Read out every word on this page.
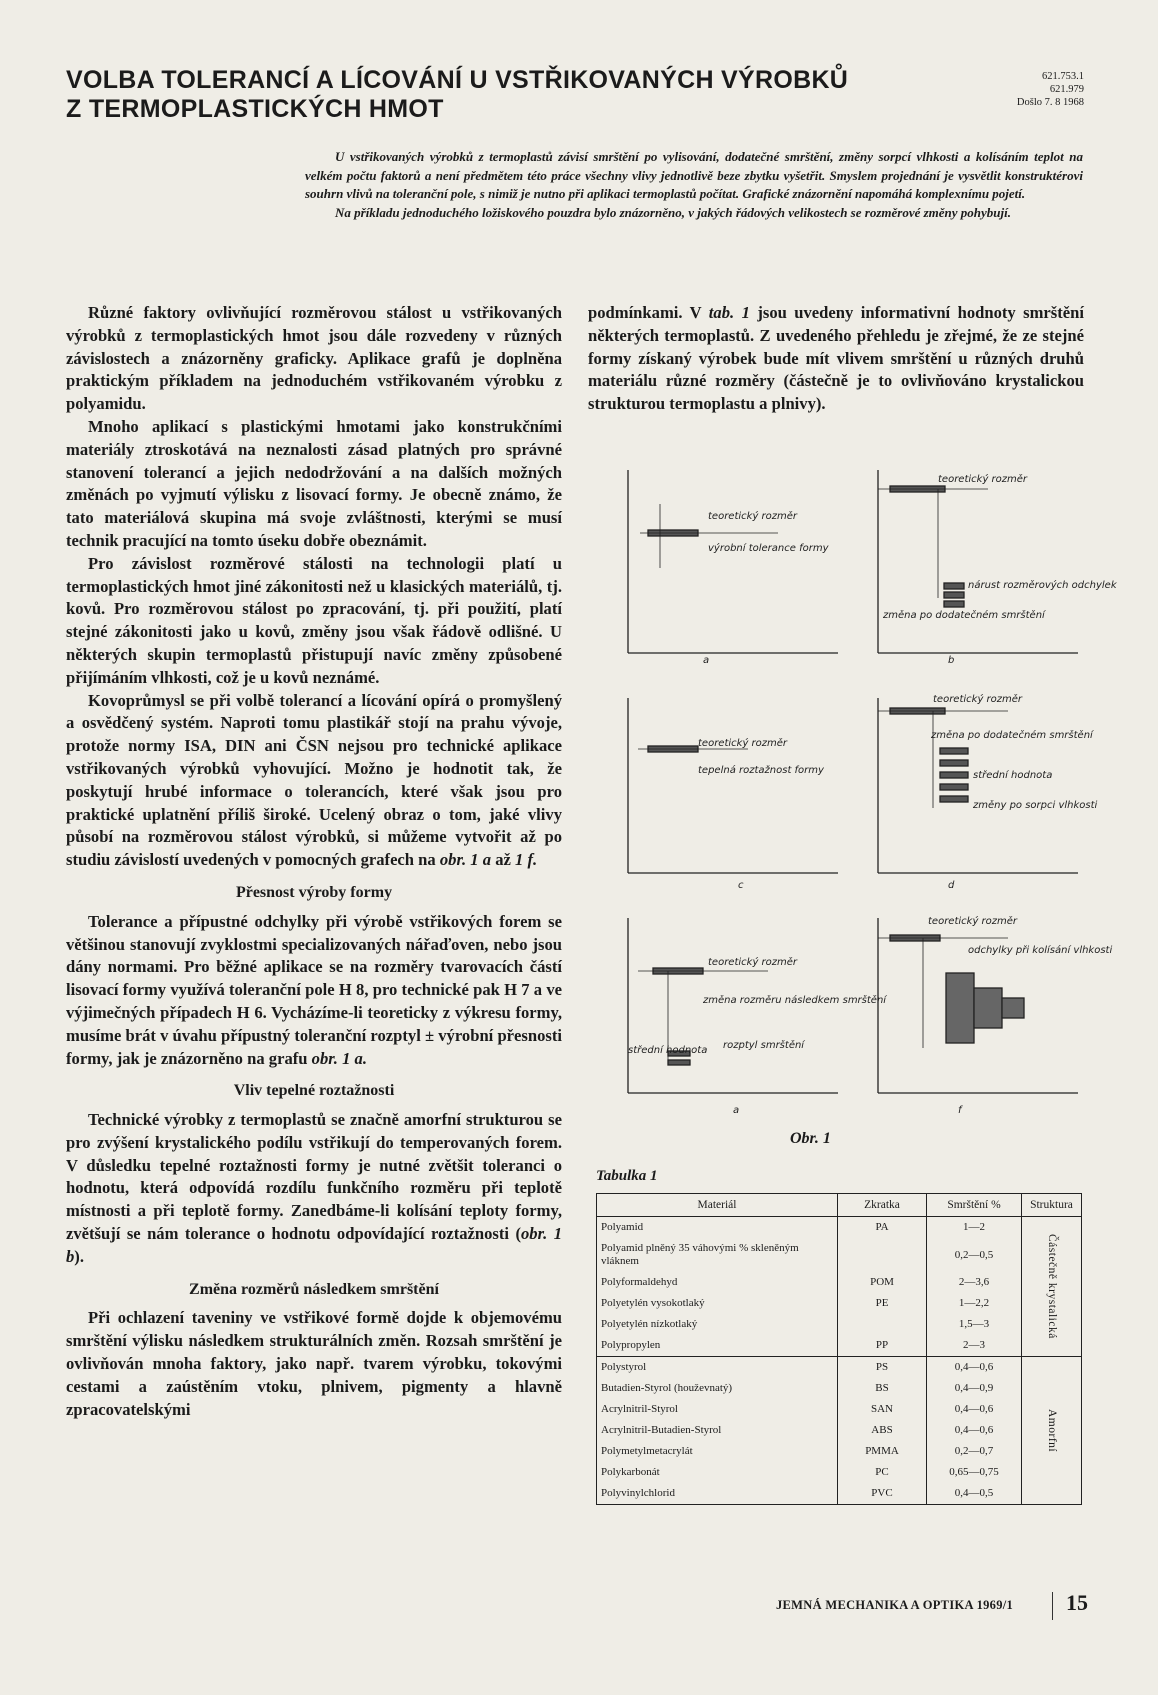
VOLBA TOLERANCÍ A LÍCOVÁNÍ U VSTŘIKOVANÝCH VÝROBKŮ
Z TERMOPLASTICKÝCH HMOT
621.753.1
621.979
Došlo 7. 8 1968

U vstřikovaných výrobků z termoplastů závisí smrštění po vylisování, dodatečné smrštění, změny sorpcí vlhkosti a kolísáním teplot na velkém počtu faktorů a není předmětem této práce všechny vlivy jednotlivě beze zbytku vyšetřit. Smyslem projednání je vysvětlit konstruktérovi souhrn vlivů na toleranční pole, s nimiž je nutno při aplikaci termoplastů počítat. Grafické znázornění napomáhá komplexnímu pojetí.

Na příkladu jednoduchého ložiskového pouzdra bylo znázorněno, v jakých řádových velikostech se rozměrové změny pohybují.

Různé faktory ovlivňující rozměrovou stálost u vstřikovaných výrobků z termoplastických hmot jsou dále rozvedeny v různých závislostech a znázorněny graficky. Aplikace grafů je doplněna praktickým příkladem na jednoduchém vstřikovaném výrobku z polyamidu.

Mnoho aplikací s plastickými hmotami jako konstrukčními materiály ztroskotává na neznalosti zásad platných pro správné stanovení tolerancí a jejich nedodržování a na dalších možných změnách po vyjmutí výlisku z lisovací formy. Je obecně známo, že tato materiálová skupina má svoje zvláštnosti, kterými se musí technik pracující na tomto úseku dobře obeznámit.

Pro závislost rozměrové stálosti na technologii platí u termoplastických hmot jiné zákonitosti než u klasických materiálů, tj. kovů. Pro rozměrovou stálost po zpracování, tj. při použití, platí stejné zákonitosti jako u kovů, změny jsou však řádově odlišné. U některých skupin termoplastů přistupují navíc změny způsobené přijímáním vlhkosti, což je u kovů neznámé.

Kovoprůmysl se při volbě tolerancí a lícování opírá o promyšlený a osvědčený systém. Naproti tomu plastikář stojí na prahu vývoje, protože normy ISA, DIN ani ČSN nejsou pro technické aplikace vstřikovaných výrobků vyhovující. Možno je hodnotit tak, že poskytují hrubé informace o tolerancích, které však jsou pro praktické uplatnění příliš široké. Ucelený obraz o tom, jaké vlivy působí na rozměrovou stálost výrobků, si můžeme vytvořit až po studiu závislostí uvedených v pomocných grafech na obr. 1 a až 1 f.

Přesnost výroby formy

Tolerance a přípustné odchylky při výrobě vstřikových forem se většinou stanovují zvyklostmi specializovaných nářaďoven, nebo jsou dány normami. Pro běžné aplikace se na rozměry tvarovacích částí lisovací formy využívá toleranční pole H 8, pro technické pak H 7 a ve výjimečných případech H 6. Vycházíme-li teoreticky z výkresu formy, musíme brát v úvahu přípustný toleranční rozptyl ± výrobní přesnosti formy, jak je znázorněno na grafu obr. 1 a.

Vliv tepelné roztažnosti

Technické výrobky z termoplastů se značně amorfní strukturou se pro zvýšení krystalického podílu vstřikují do temperovaných forem. V důsledku tepelné roztažnosti formy je nutné zvětšit toleranci o hodnotu, která odpovídá rozdílu funkčního rozměru při teplotě místnosti a při teplotě formy. Zanedbáme-li kolísání teploty formy, zvětšují se nám tolerance o hodnotu odpovídající roztažnosti (obr. 1 b).

Změna rozměrů následkem smrštění

Při ochlazení taveniny ve vstřikové formě dojde k objemovému smrštění výlisku následkem strukturálních změn. Rozsah smrštění je ovlivňován mnoha faktory, jako např. tvarem výrobku, tokovými cestami a zaústěním vtoku, plnivem, pigmenty a hlavně zpracovatelskými

podmínkami. V tab. 1 jsou uvedeny informativní hodnoty smrštění některých termoplastů. Z uvedeného přehledu je zřejmé, že ze stejné formy získaný výrobek bude mít vlivem smrštění u různých druhů materiálu různé rozměry (částečně je to ovlivňováno krystalickou strukturou termoplastu a plnivy).

teoretický rozměr
výrobní tolerance formy
a
teoretický rozměr
nárust rozměrových odchylek
změna po dodatečném smrštění
b
teoretický rozměr
tepelná roztažnost formy
c
teoretický rozměr
změna po dodatečném smrštění
střední hodnota
změny po sorpci vlhkosti
d
teoretický rozměr
změna rozměru následkem smrštění
střední hodnota rozptyl smrštění
a
teoretický rozměr
odchylky při kolísání vlhkosti
f
Obr. 1
Tabulka 1
Materiál	Zkratka	Smrštění %	Struktura
Polyamid	PA	1—2	Částečně krystalická

Polyamid plněný 35 váhovými % skleněným vláknem		0,2—0,5	
Polyformaldehyd	POM	2—3,6	
Polyetylén vysokotlaký	PE	1—2,2	
Polyetylén nízkotlaký		1,5—3	
Polypropylen	PP	2—3	
Polystyrol	PS	0,4—0,6	Amorfní

Butadien-Styrol (houževnatý)	BS	0,4—0,9	
Acrylnitril-Styrol	SAN	0,4—0,6	
Acrylnitril-Butadien-Styrol	ABS	0,4—0,6	
Polymetylmetacrylát	PMMA	0,2—0,7	
Polykarbonát	PC	0,65—0,75	
Polyvinylchlorid	PVC	0,4—0,5	
JEMNÁ MECHANIKA A OPTIKA 1969/1 15
